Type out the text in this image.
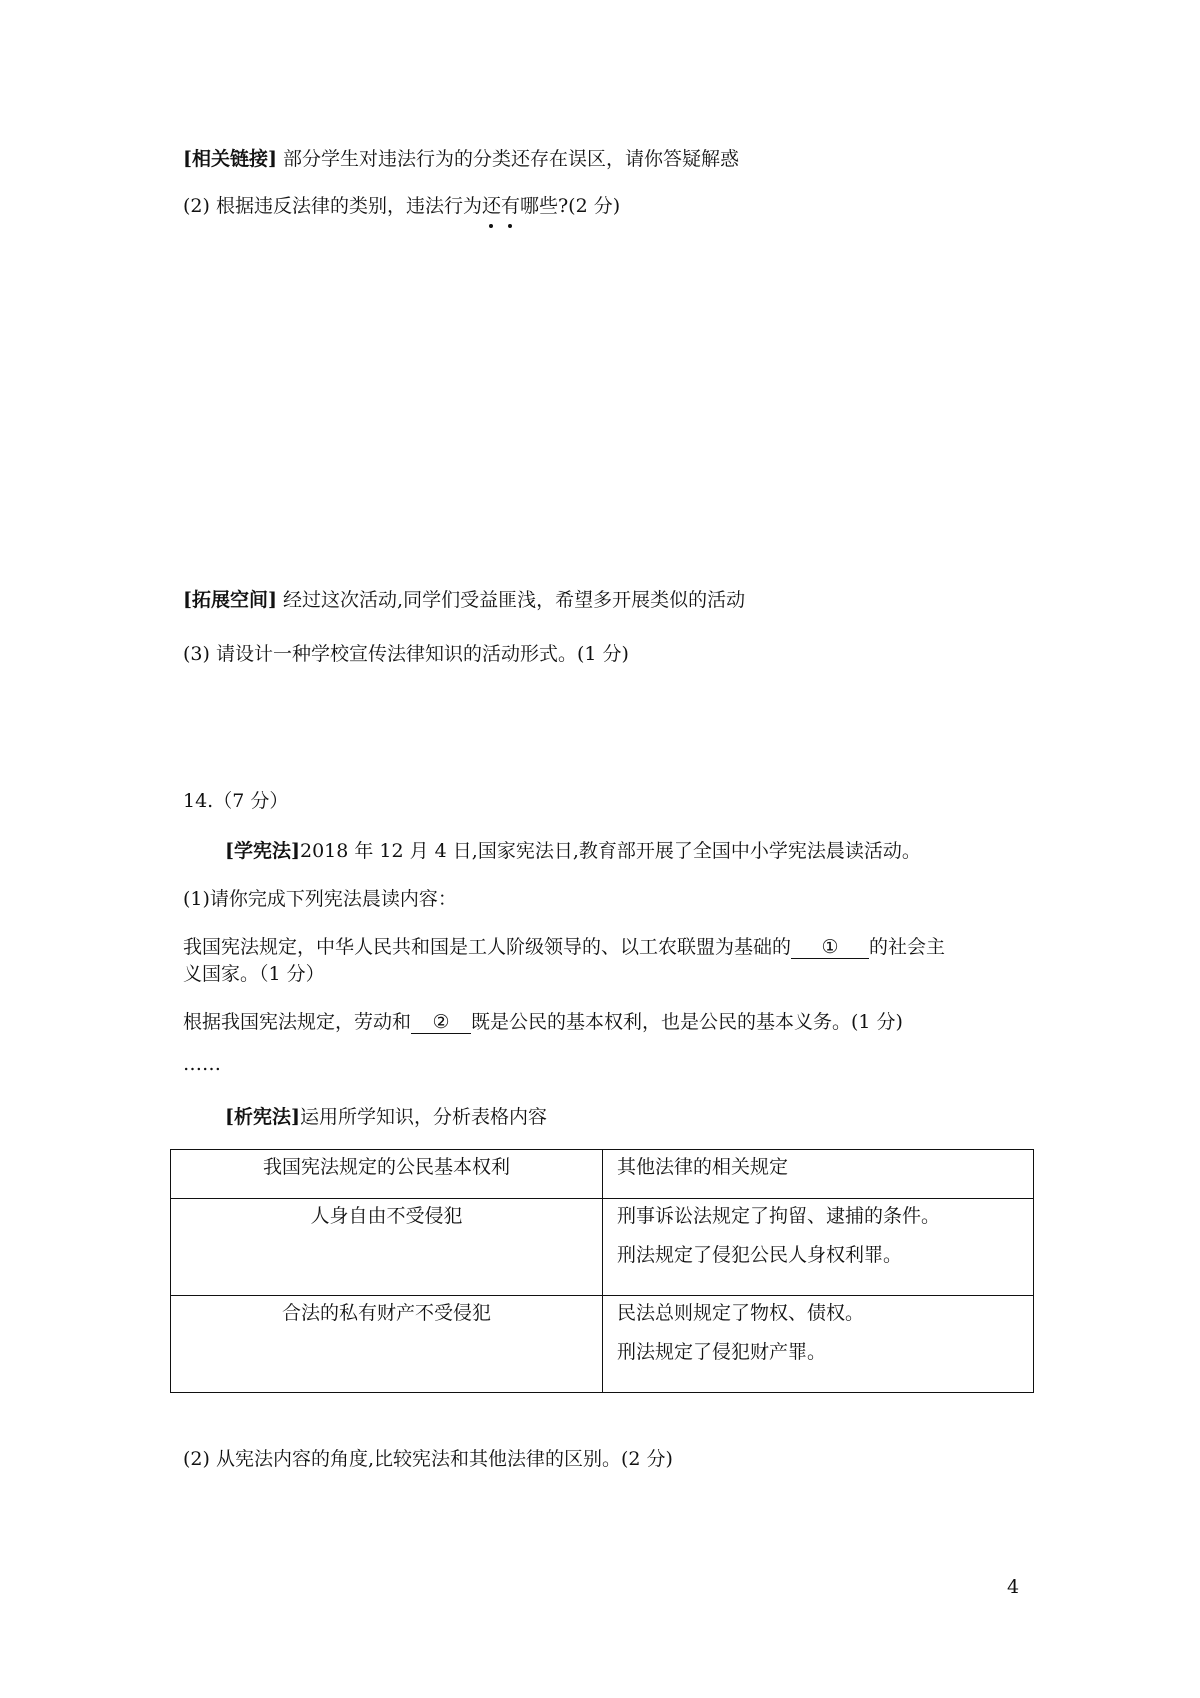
[相关链接] 部分学生对违法行为的分类还存在误区，请你答疑解惑
(2) 根据违反法律的类别，违法行为还有哪些?(2 分)
[拓展空间] 经过这次活动,同学们受益匪浅，希望多开展类似的活动
(3) 请设计一种学校宣传法律知识的活动形式。(1 分)
14.（7 分）
[学宪法]2018 年 12 月 4 日,国家宪法日,教育部开展了全国中小学宪法晨读活动。
(1)请你完成下列宪法晨读内容：
我国宪法规定，中华人民共和国是工人阶级领导的、以工农联盟为基础的 ① 的社会主
义国家。（1 分）
根据我国宪法规定，劳动和 ② 既是公民的基本权利，也是公民的基本义务。(1 分)
……
[析宪法]运用所学知识，分析表格内容
我国宪法规定的公民基本权利	其他法律的相关规定
人身自由不受侵犯	刑事诉讼法规定了拘留、逮捕的条件。
刑法规定了侵犯公民人身权利罪。

合法的私有财产不受侵犯	民法总则规定了物权、债权。
刑法规定了侵犯财产罪。
(2) 从宪法内容的角度,比较宪法和其他法律的区别。(2 分)
4
